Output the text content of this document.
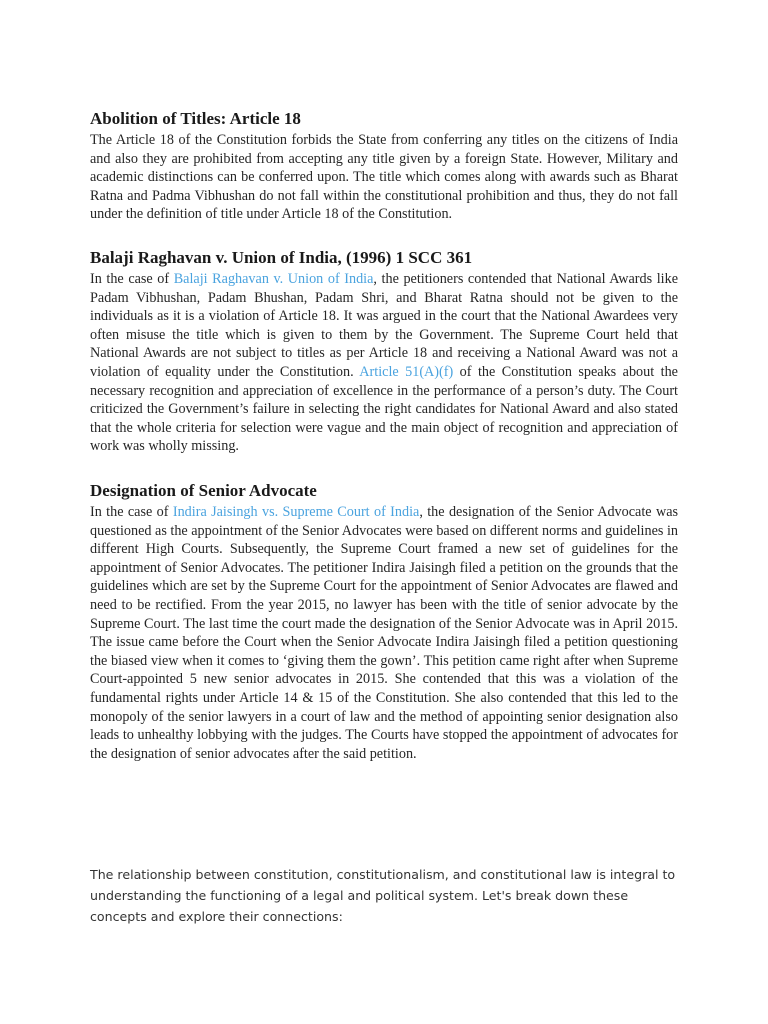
Abolition of Titles: Article 18

The Article 18 of the Constitution forbids the State from conferring any titles on the citizens of India and also they are prohibited from accepting any title given by a foreign State. However, Military and academic distinctions can be conferred upon. The title which comes along with awards such as Bharat Ratna and Padma Vibhushan do not fall within the constitutional prohibition and thus, they do not fall under the definition of title under Article 18 of the Constitution.

Balaji Raghavan v. Union of India, (1996) 1 SCC 361

In the case of Balaji Raghavan v. Union of India, the petitioners contended that National Awards like Padam Vibhushan, Padam Bhushan, Padam Shri, and Bharat Ratna should not be given to the individuals as it is a violation of Article 18. It was argued in the court that the National Awardees very often misuse the title which is given to them by the Government. The Supreme Court held that National Awards are not subject to titles as per Article 18 and receiving a National Award was not a violation of equality under the Constitution. Article 51(A)(f) of the Constitution speaks about the necessary recognition and appreciation of excellence in the performance of a person’s duty. The Court criticized the Government’s failure in selecting the right candidates for National Award and also stated that the whole criteria for selection were vague and the main object of recognition and appreciation of work was wholly missing.

Designation of Senior Advocate

In the case of Indira Jaisingh vs. Supreme Court of India, the designation of the Senior Advocate was questioned as the appointment of the Senior Advocates were based on different norms and guidelines in different High Courts. Subsequently, the Supreme Court framed a new set of guidelines for the appointment of Senior Advocates. The petitioner Indira Jaisingh filed a petition on the grounds that the guidelines which are set by the Supreme Court for the appointment of Senior Advocates are flawed and need to be rectified. From the year 2015, no lawyer has been with the title of senior advocate by the Supreme Court. The last time the court made the designation of the Senior Advocate was in April 2015. The issue came before the Court when the Senior Advocate Indira Jaisingh filed a petition questioning the biased view when it comes to ‘giving them the gown’. This petition came right after when Supreme Court-appointed 5 new senior advocates in 2015. She contended that this was a violation of the fundamental rights under Article 14 & 15 of the Constitution. She also contended that this led to the monopoly of the senior lawyers in a court of law and the method of appointing senior designation also leads to unhealthy lobbying with the judges. The Courts have stopped the appointment of advocates for the designation of senior advocates after the said petition.

The relationship between constitution, constitutionalism, and constitutional law is integral to understanding the functioning of a legal and political system. Let's break down these concepts and explore their connections:
